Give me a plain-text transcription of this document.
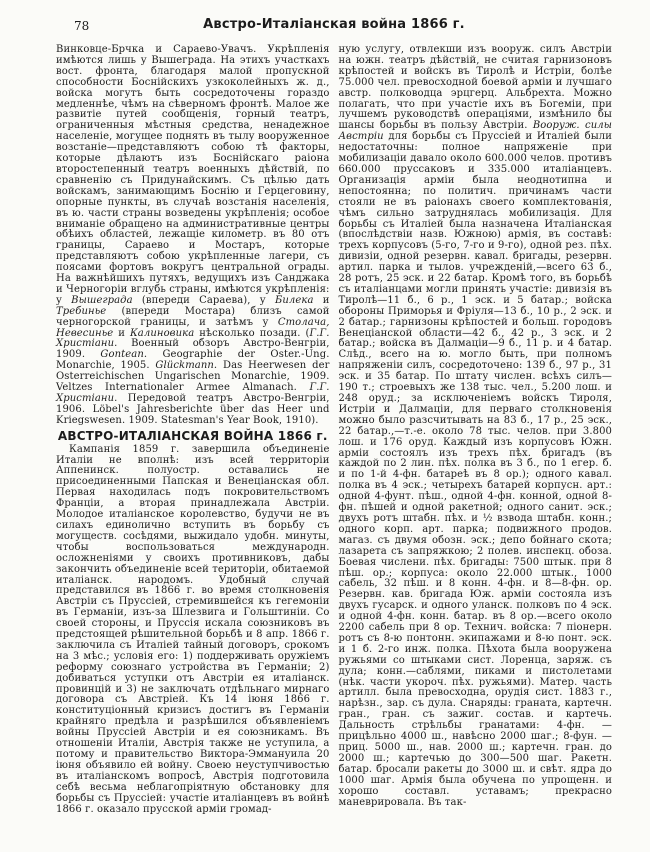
78	Австро-Италіанская война 1866 г.

Винковце-Брчка и Сараево-Увачъ. Укрѣпленія имѣются лишь у Вышеграда. На этихъ участкахъ вост. фронта, благодаря малой пропускной способности Боснійскихъ узкоколейныхъ ж. д., войска могутъ быть сосредоточены гораздо медленнѣе, чѣмъ на сѣверномъ фронтѣ. Малое же развитіе путей сообщенія, горный театръ, ограниченныя мѣстныя средства, ненадежное населеніе, могущее поднять въ тылу вооруженное возстаніе—представляютъ собою тѣ факторы, которые дѣлаютъ изъ Боснійскаго раіона второстепенный театръ военныхъ дѣйствій, по сравненію съ Придунайскимъ. Съ цѣлью дать войскамъ, занимающимъ Боснію и Герцеговину, опорные пункты, въ случаѣ возстанія населенія, въ ю. части страны возведены укрѣпленія; особое вниманіе обращено на административные центры обѣихъ областей, лежащіе километр. въ 80 отъ границы, Сараево и Мостаръ, которые представляютъ собою укрѣпленные лагери, съ поясами фортовъ вокругъ центральной ограды. На важнѣйшихъ путяхъ, ведущихъ изъ Санджака и Черногоріи вглубь страны, имѣются укрѣпленія: у Вышеграда (впереди Сараева), у Билека и Требинье (впереди Мостара) близъ самой черногорской границы, и затѣмъ у Столача, Невесинье и Калиновика нѣсколько позади. (Г.Г. Христіани. Военный обзоръ Австро-Венгріи, 1909. Gontean. Geographie der Oster.-Ung. Monarchie, 1905. Glückmann. Das Heerwesen der Osterreichischen Ungarischen Monarchie, 1909. Veltzes Internationaler Armee Almanach. Г.Г. Христіани. Передовой театръ Австро-Венгріи, 1906. Löbel's Jahresberichte über das Heer und Kriegswesen. 1909. Statesman's Year Book, 1910).

АВСТРО-ИТАЛІАНСКАЯ ВОЙНА 1866 г.

Кампанія 1859 г. завершила объединеніе Италіи не вполнѣ: изъ всей территоріи Аппенинск. полуостр. оставались не присоединенными Папская и Венеціанская обл. Первая находилась подъ покровительствомъ Франціи, а вторая принадлежала Австріи. Молодое италіанское королевство, будучи не въ силахъ единолично вступить въ борьбу съ могуществ. сосѣдями, выжидало удобн. минуты, чтобы воспользоваться международн. осложненіями у своихъ противниковъ, дабы закончить объединеніе всей територіи, обитаемой италіанск. народомъ. Удобный случай представился въ 1866 г. во время столкновенія Австріи съ Пруссіей, стремившейся къ гегемоніи въ Германіи, изъ-за Шлезвига и Гольштиніи. Со своей стороны, и Пруссія искала союзниковъ въ предстоящей рѣшительной борьбѣ и 8 апр. 1866 г. заключила съ Италіей тайный договоръ, срокомъ на 3 мѣс.; условія его: 1) поддерживать оружіемъ реформу союзнаго устройства въ Германіи; 2) добиваться уступки отъ Австріи ея италіанск. провинцій и 3) не заключать отдѣльнаго мирнаго договора съ Австріей. Къ 14 іюня 1866 г. конституціонный кризисъ достигъ въ Германіи крайняго предѣла и разрѣшился объявленіемъ войны Пруссіей Австріи и ея союзникамъ. Въ отношеніи Италіи, Австрія также не уступила, а потому и правительство Виктора-Эммануила 20 іюня объявило ей войну. Своею неуступчивостью въ италіанскомъ вопросѣ, Австрія подготовила себѣ весьма неблагопріятную обстановку для борьбы съ Пруссіей: участіе италіанцевъ въ войнѣ 1866 г. оказало прусской арміи громад-

ную услугу, отвлекши изъ вооруж. силъ Австріи на южн. театръ дѣйствій, не считая гарнизоновъ крѣпостей и войскъ въ Тиролѣ и Истріи, болѣе 75.000 чел. превосходной боевой арміи и лучшаго австр. полководца эрцгерц. Альбрехта. Можно полагать, что при участіе ихъ въ Богеміи, при лучшемъ руководствѣ операціями, измѣнило бы шансы борьбы въ пользу Австріи. Вооруж. силы Австріи для борьбы съ Пруссіей и Италіей были недостаточны: полное напряженіе при мобилизаціи давало около 600.000 челов. противъ 660.000 пруссаковъ и 335.000 италіанцевъ. Организація арміи была неоднотипна и непостоянна; по политич. причинамъ части стояли не въ раіонахъ своего комплектованія, чѣмъ сильно затруднялась мобилизація. Для борьбы съ Италіей была назначена Италіанская (впослѣдствіи назв. Южною) армія, въ составѣ: трехъ корпусовъ (5-го, 7-го и 9-го), одной рез. пѣх. дивизіи, одной резервн. кавал. бригады, резервн. артил. парка и тылов. учрежденій,—всего 63 б., 28 ротъ, 25 эск. и 22 батар. Кромѣ того, въ борьбѣ съ италіанцами могли принять участіе: дивизія въ Тиролѣ—11 б., 6 р., 1 эск. и 5 батар.; войска обороны Приморья и Фріуля—13 б., 10 р., 2 эск. и 2 батар.; гарнизоны крѣпостей и больш. городовъ Венеціанской области—42 б., 42 р., 3 эск. и 2 батар.; войска въ Далмаціи—9 б., 11 р. и 4 батар. Слѣд., всего на ю. могло быть, при полномъ напряженіи силъ, сосредоточено: 139 б., 97 р., 31 эск. и 35 батар. По штату числен. всѣхъ силъ—190 т.; строевыхъ же 138 тыс. чел., 5.200 лош. и 248 оруд.; за исключеніемъ войскъ Тироля, Истріи и Далмаціи, для перваго столкновенія можно было разсчитывать на 83 б., 17 р., 25 эск., 22 батар.,—т.-е. около 78 тыс. челов. при 3.800 лош. и 176 оруд. Каждый изъ корпусовъ Южн. арміи состоялъ изъ трехъ пѣх. бригадъ (въ каждой по 2 лин. пѣх. полка въ 3 б., по 1 егер. б. и по 1-й 4-фн. батареѣ въ 8 ор.); одного кавал. полка въ 4 эск.; четырехъ батарей корпусн. арт.: одной 4-фунт. пѣш., одной 4-фн. конной, одной 8-фн. пѣшей и одной ракетной; одного санит. эск.; двухъ ротъ штабн. пѣх. и ½ взвода штабн. конн.; одного корп. арт. парка; подвижного продов. магаз. съ двумя обозн. эск.; депо бойнаго скота; лазарета съ запряжкою; 2 полев. инспекц. обоза. Боевая числени. пѣх. бригады: 7500 штык. при 8 пѣш. ор.; корпуса: около 22.000 штык., 1000 сабель, 32 пѣш. и 8 конн. 4-фн. и 8—8-фн. ор. Резервн. кав. бригада Юж. арміи состояла изъ двухъ гусарск. и одного уланск. полковъ по 4 эск. и одной 4-фн. конн. батар. въ 8 ор.—всего около 2200 сабель при 8 ор. Технич. войска: 7 піонерн. ротъ съ 8-ю понтонн. экипажами и 8-ю понт. эск. и 1 б. 2-го инж. полка. Пѣхота была вооружена ружьями со штыками сист. Лоренца, заряж. съ дула; конн.—саблями, пиками и пистолетами (нѣк. части укороч. пѣх. ружьями). Матер. часть артилл. была превосходна, орудія сист. 1883 г., нарѣзн., зар. съ дула. Снаряды: граната, картечн. гран., гран. съ зажиг. состав. и картечь. Дальность стрѣльбы гранатами: 4-фн. — прицѣльно 4000 ш., навѣсно 2000 шаг.; 8-фун. — приц. 5000 ш., нав. 2000 ш.; картечн. гран. до 2000 ш.; картечью до 300—500 шаг. Ракетн. батар. бросали ракеты до 3000 ш. и свѣт. ядра до 1000 шаг. Армія была обучена по упрощенн. и хорошо составл. уставамъ; прекрасно маневрировала. Въ так-
